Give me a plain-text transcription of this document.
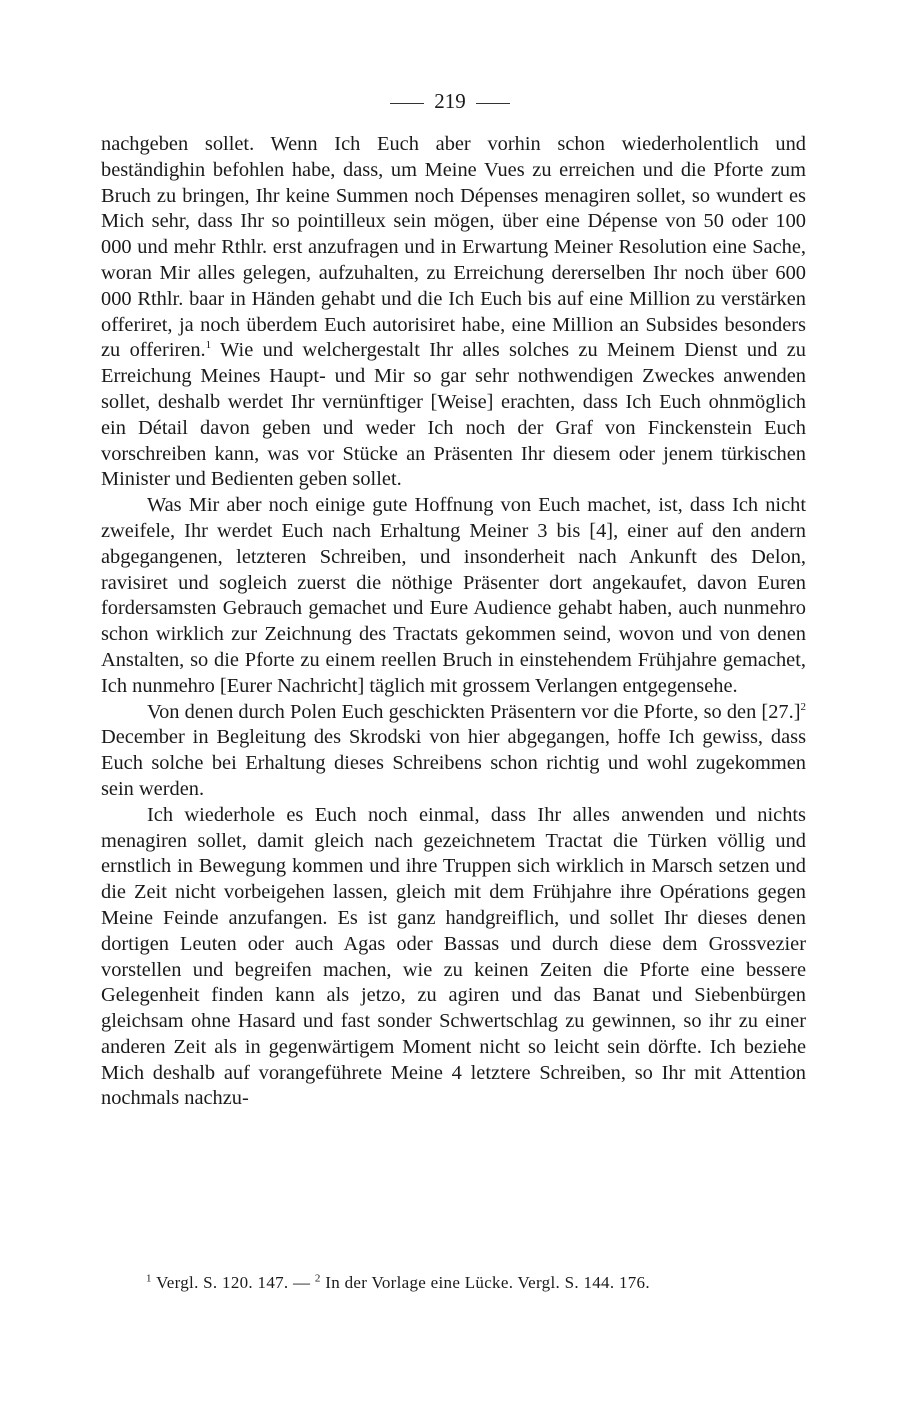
219

nachgeben sollet. Wenn Ich Euch aber vorhin schon wiederholentlich und beständighin befohlen habe, dass, um Meine Vues zu erreichen und die Pforte zum Bruch zu bringen, Ihr keine Summen noch Dépenses menagiren sollet, so wundert es Mich sehr, dass Ihr so pointilleux sein mögen, über eine Dépense von 50 oder 100 000 und mehr Rthlr. erst anzufragen und in Erwartung Meiner Resolution eine Sache, woran Mir alles gelegen, aufzuhalten, zu Erreichung dererselben Ihr noch über 600 000 Rthlr. baar in Händen gehabt und die Ich Euch bis auf eine Million zu verstärken offeriret, ja noch überdem Euch autorisiret habe, eine Million an Subsides besonders zu offeriren.$^1$ Wie und welchergestalt Ihr alles solches zu Meinem Dienst und zu Erreichung Meines Haupt- und Mir so gar sehr nothwendigen Zweckes anwenden sollet, deshalb werdet Ihr vernünftiger [Weise] erachten, dass Ich Euch ohnmöglich ein Détail davon geben und weder Ich noch der Graf von Finckenstein Euch vorschreiben kann, was vor Stücke an Präsenten Ihr diesem oder jenem türkischen Minister und Bedienten geben sollet.

Was Mir aber noch einige gute Hoffnung von Euch machet, ist, dass Ich nicht zweifele, Ihr werdet Euch nach Erhaltung Meiner 3 bis [4], einer auf den andern abgegangenen, letzteren Schreiben, und insonderheit nach Ankunft des Delon, ravisiret und sogleich zuerst die nöthige Präsenter dort angekaufet, davon Euren fordersamsten Gebrauch gemachet und Eure Audience gehabt haben, auch nunmehro schon wirklich zur Zeichnung des Tractats gekommen seind, wovon und von denen Anstalten, so die Pforte zu einem reellen Bruch in einstehendem Frühjahre gemachet, Ich nunmehro [Eurer Nachricht] täglich mit grossem Verlangen entgegensehe.

Von denen durch Polen Euch geschickten Präsentern vor die Pforte, so den $[27.]^2$ December in Begleitung des Skrodski von hier abgegangen, hoffe Ich gewiss, dass Euch solche bei Erhaltung dieses Schreibens schon richtig und wohl zugekommen sein werden.

Ich wiederhole es Euch noch einmal, dass Ihr alles anwenden und nichts menagiren sollet, damit gleich nach gezeichnetem Tractat die Türken völlig und ernstlich in Bewegung kommen und ihre Truppen sich wirklich in Marsch setzen und die Zeit nicht vorbeigehen lassen, gleich mit dem Frühjahre ihre Opérations gegen Meine Feinde anzufangen. Es ist ganz handgreiflich, und sollet Ihr dieses denen dortigen Leuten oder auch Agas oder Bassas und durch diese dem Grossvezier vorstellen und begreifen machen, wie zu keinen Zeiten die Pforte eine bessere Gelegenheit finden kann als jetzo, zu agiren und das Banat und Siebenbürgen gleichsam ohne Hasard und fast sonder Schwertschlag zu gewinnen, so ihr zu einer anderen Zeit als in gegenwärtigem Moment nicht so leicht sein dörfte. Ich beziehe Mich deshalb auf vorangeführete Meine 4 letztere Schreiben, so Ihr mit Attention nochmals nachzu-

$^1$ Vergl. S. 120. 147. — $^2$ In der Vorlage eine Lücke. Vergl. S. 144. 176.
